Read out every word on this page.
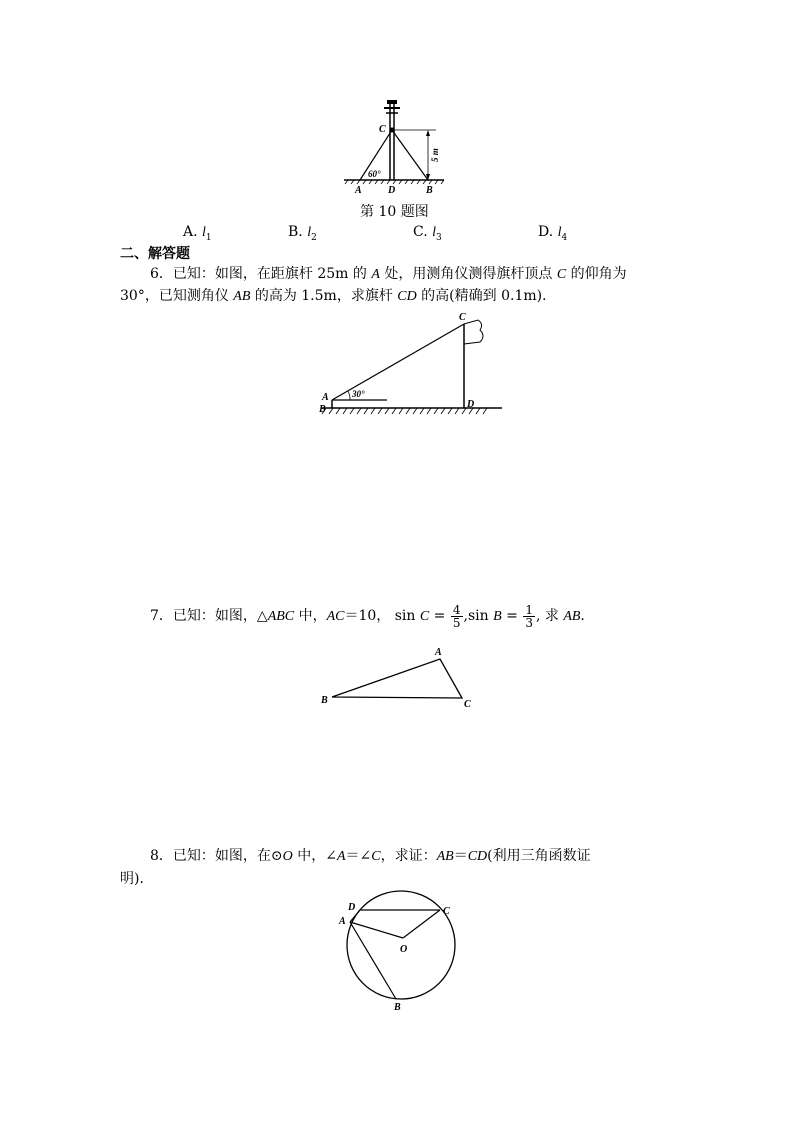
5 m
C
60°
A	D	B
第 10 题图
A. $l_1$	B. $l_2$	C. $l_3$	D. $l_4$
二、解答题
6．已知：如图，在距旗杆 25m 的 A 处，用测角仪测得旗杆顶点 C 的仰角为
30°，已知测角仪 AB 的高为 1.5m，求旗杆 CD 的高(精确到 0.1m)．
30°
C
A
B	D
7．已知：如图，△ABC 中，AC＝10， $\sin C = \frac{4}{5} ,\sin$ $B = \frac{1}{3}$ , 求 AB.
A
B	C
8．已知：如图，在⊙O 中，∠A＝∠C，求证：AB＝CD(利用三角函数证
明)．
D
A
C
O
B
